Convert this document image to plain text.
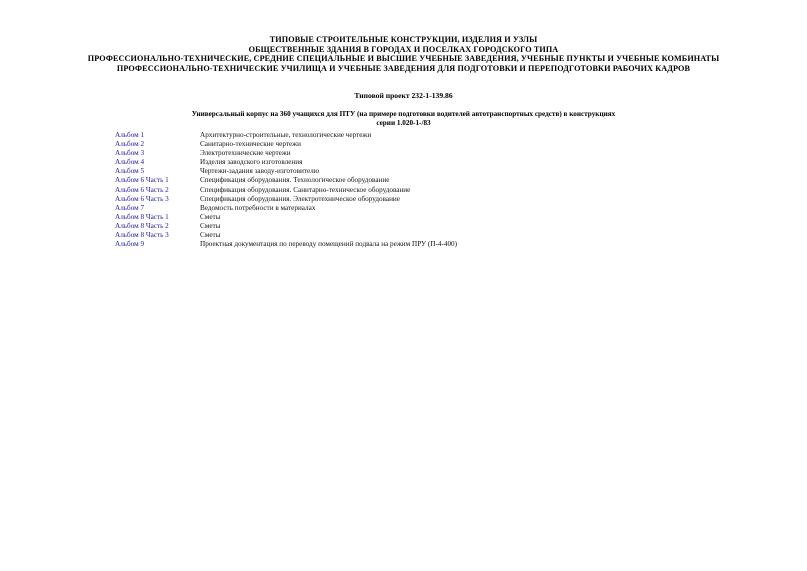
ТИПОВЫЕ СТРОИТЕЛЬНЫЕ КОНСТРУКЦИИ, ИЗДЕЛИЯ И УЗЛЫ
ОБЩЕСТВЕННЫЕ ЗДАНИЯ В ГОРОДАХ И ПОСЕЛКАХ ГОРОДСКОГО ТИПА
ПРОФЕССИОНАЛЬНО-ТЕХНИЧЕСКИЕ, СРЕДНИЕ СПЕЦИАЛЬНЫЕ И ВЫСШИЕ УЧЕБНЫЕ ЗАВЕДЕНИЯ, УЧЕБНЫЕ ПУНКТЫ И УЧЕБНЫЕ КОМБИНАТЫ
ПРОФЕССИОНАЛЬНО-ТЕХНИЧЕСКИЕ УЧИЛИЩА И УЧЕБНЫЕ ЗАВЕДЕНИЯ ДЛЯ ПОДГОТОВКИ И ПЕРЕПОДГОТОВКИ РАБОЧИХ КАДРОВ
Типовой проект 232-1-139.86
Универсальный корпус на 360 учащихся для ПТУ (на примере подготовки водителей автотранспортных средств) в конструкциях
серии 1.020-1-/83
Альбом 1	Архитектурно-строительные, технологические чертежи
Альбом 2	Санитарно-технические чертежи
Альбом 3	Электротехнические чертежи
Альбом 4	Изделия заводского изготовления
Альбом 5	Чертежи-задания заводу-изготовителю
Альбом 6 Часть 1	Спецификация оборудования. Технологическое оборудование
Альбом 6 Часть 2	Спецификация оборудования. Санитарно-техническое оборудование
Альбом 6 Часть 3	Спецификация оборудования. Электротехническое оборудование
Альбом 7	Ведомость потребности в материалах
Альбом 8 Часть 1	Сметы
Альбом 8 Часть 2	Сметы
Альбом 8 Часть 3	Сметы
Альбом 9	Проектная документация по переводу помещений подвала на режим ПРУ (П-4-400)
